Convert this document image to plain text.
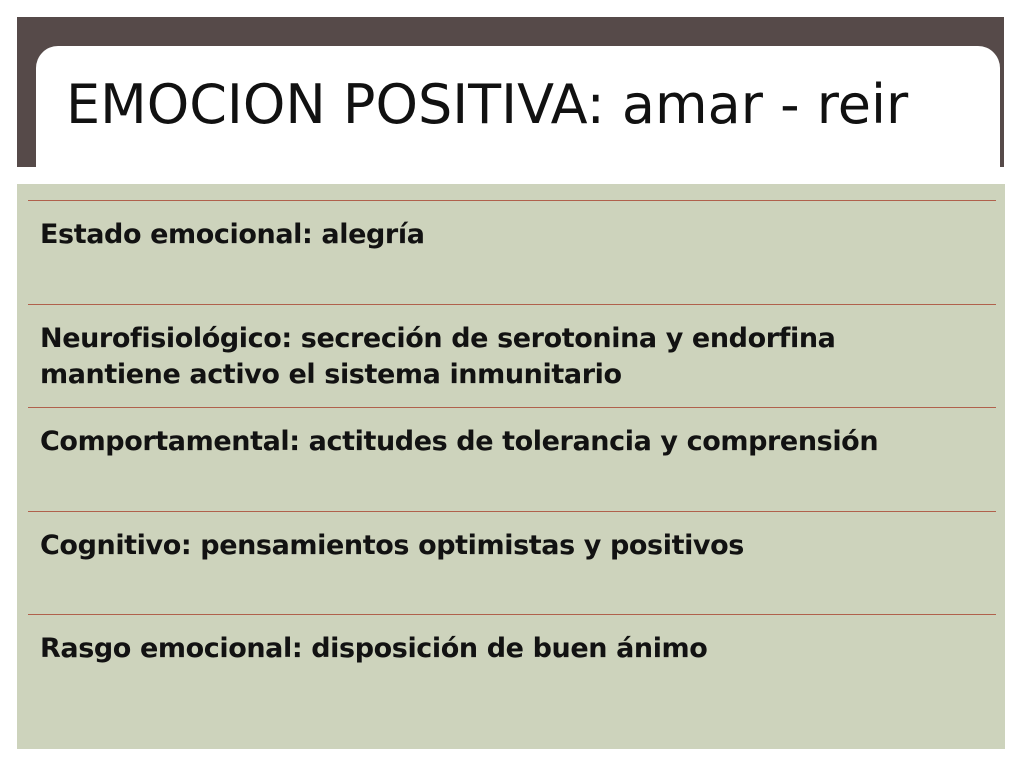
EMOCION POSITIVA: amar - reir
Estado emocional: alegría
Neurofisiológico: secreción de serotonina y endorfina
mantiene activo el sistema inmunitario
Comportamental: actitudes de tolerancia y comprensión
Cognitivo: pensamientos optimistas y positivos
Rasgo emocional: disposición de buen ánimo
